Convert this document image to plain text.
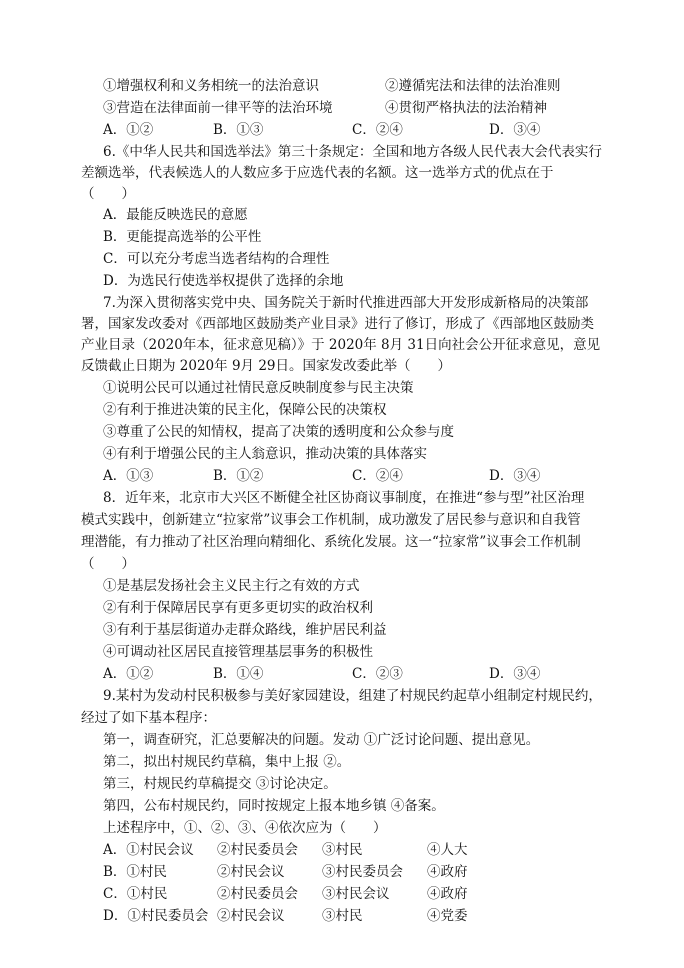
①增强权利和义务相统一的法治意识	②遵循宪法和法律的法治准则
③营造在法律面前一律平等的法治环境	④贯彻严格执法的法治精神
A．①②	B．①③	C．②④	D．③④
6.《中华人民共和国选举法》第三十条规定：全国和地方各级人民代表大会代表实行
差额选举，代表候选人的人数应多于应选代表的名额。这一选举方式的优点在于
（　　）
A．最能反映选民的意愿
B．更能提高选举的公平性
C．可以充分考虑当选者结构的合理性
D．为选民行使选举权提供了选择的余地
7.为深入贯彻落实党中央、国务院关于新时代推进西部大开发形成新格局的决策部
署，国家发改委对《西部地区鼓励类产业目录》进行了修订，形成了《西部地区鼓励类
产业目录（2020年本，征求意见稿）》于 2020年 8月 31日向社会公开征求意见，意见
反馈截止日期为 2020年 9月 29日。国家发改委此举（　　）
①说明公民可以通过社情民意反映制度参与民主决策
②有利于推进决策的民主化，保障公民的决策权
③尊重了公民的知情权，提高了决策的透明度和公众参与度
④有利于增强公民的主人翁意识，推动决策的具体落实
A．①③	B．①②	C．②④	D．③④
8．近年来，北京市大兴区不断健全社区协商议事制度，在推进“参与型”社区治理
模式实践中，创新建立“拉家常”议事会工作机制，成功激发了居民参与意识和自我管
理潜能，有力推动了社区治理向精细化、系统化发展。这一“拉家常”议事会工作机制
（　　）
①是基层发扬社会主义民主行之有效的方式
②有利于保障居民享有更多更切实的政治权利
③有利于基层街道办走群众路线，维护居民利益
④可调动社区居民直接管理基层事务的积极性
A．①②	B．①④	C．②③	D．③④
9.某村为发动村民积极参与美好家园建设，组建了村规民约起草小组制定村规民约，
经过了如下基本程序：
第一，调查研究，汇总要解决的问题。发动 ①广泛讨论问题、提出意见。
第二，拟出村规民约草稿，集中上报 ②。
第三，村规民约草稿提交 ③讨论决定。
第四，公布村规民约，同时按规定上报本地乡镇 ④备案。
上述程序中，①、②、③、④依次应为（　　）
A．①村民会议 ②村民委员会 ③村民	④人大
B．①村民	②村民会议	③村民委员会 ④政府
C．①村民	②村民委员会 ③村民会议	④政府
D．①村民委员会 ②村民会议	③村民	④党委
